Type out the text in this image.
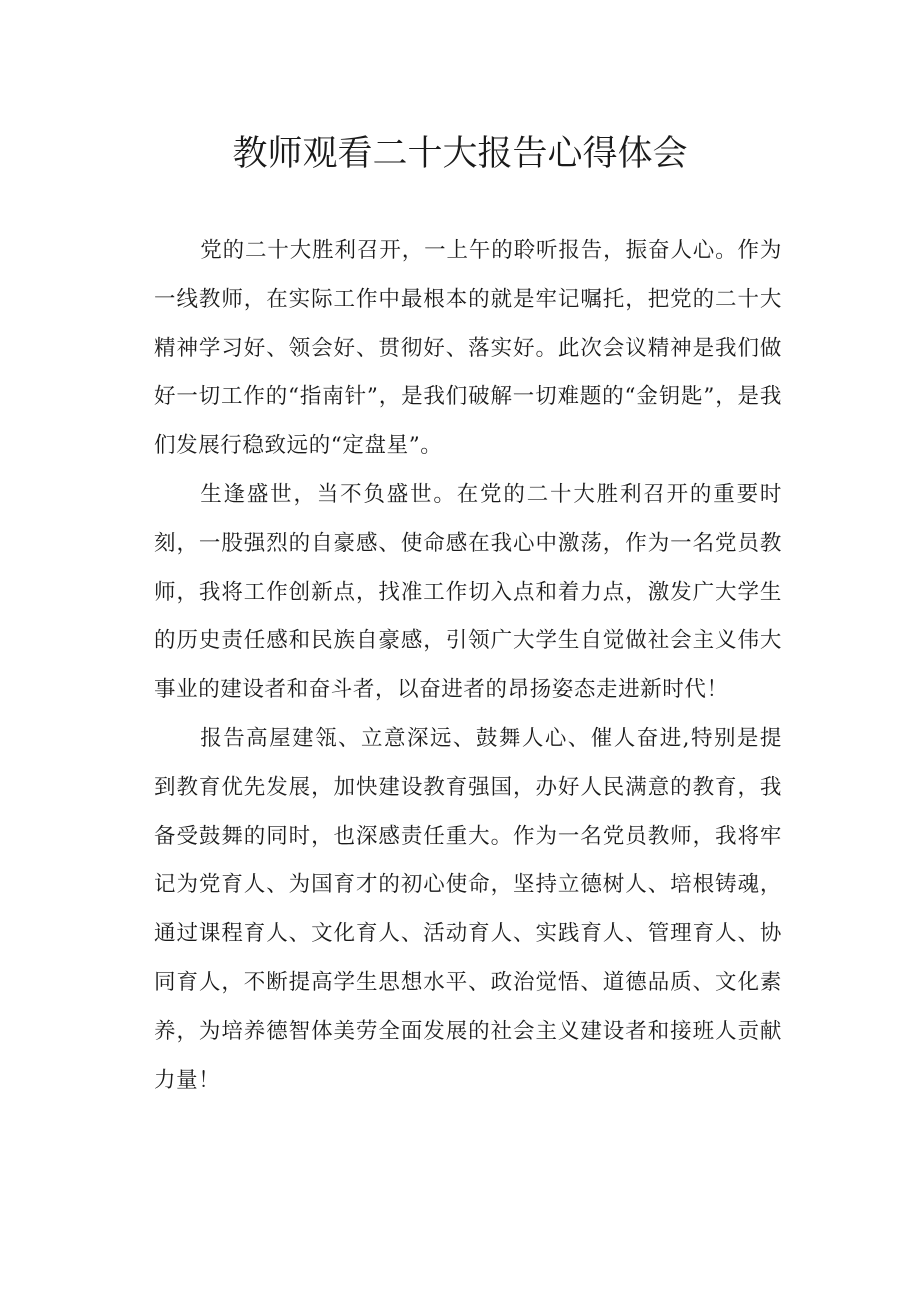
教师观看二十大报告心得体会

党的二十大胜利召开，一上午的聆听报告，振奋人心。作为一线教师，在实际工作中最根本的就是牢记嘱托，把党的二十大精神学习好、领会好、贯彻好、落实好。此次会议精神是我们做好一切工作的“指南针”，是我们破解一切难题的“金钥匙”，是我们发展行稳致远的“定盘星”。

生逢盛世，当不负盛世。在党的二十大胜利召开的重要时刻，一股强烈的自豪感、使命感在我心中激荡，作为一名党员教师，我将工作创新点，找准工作切入点和着力点，激发广大学生的历史责任感和民族自豪感，引领广大学生自觉做社会主义伟大事业的建设者和奋斗者，以奋进者的昂扬姿态走进新时代！

报告高屋建瓴、立意深远、鼓舞人心、催人奋进,特别是提到教育优先发展，加快建设教育强国，办好人民满意的教育，我备受鼓舞的同时，也深感责任重大。作为一名党员教师，我将牢记为党育人、为国育才的初心使命，坚持立德树人、培根铸魂，通过课程育人、文化育人、活动育人、实践育人、管理育人、协同育人，不断提高学生思想水平、政治觉悟、道德品质、文化素养，为培养德智体美劳全面发展的社会主义建设者和接班人贡献力量！
